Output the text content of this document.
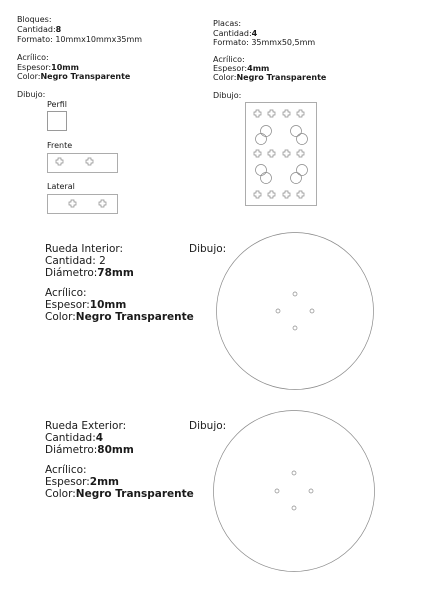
Bloques:
Cantidad:8
Formato: 10mmx10mmx35mm
Acrílico:
Espesor:10mm
Color:Negro Transparente
Dibujo:
Perfil
Frente
Lateral
Placas:
Cantidad:4
Formato: 35mmx50,5mm
Acrílico:
Espesor:4mm
Color:Negro Transparente
Dibujo:
Rueda Interior:
Cantidad: 2
Diámetro:78mm
Acrílico:
Espesor:10mm
Color:Negro Transparente
Dibujo:
Rueda Exterior:
Cantidad:4
Diámetro:80mm
Acrílico:
Espesor:2mm
Color:Negro Transparente
Dibujo:
